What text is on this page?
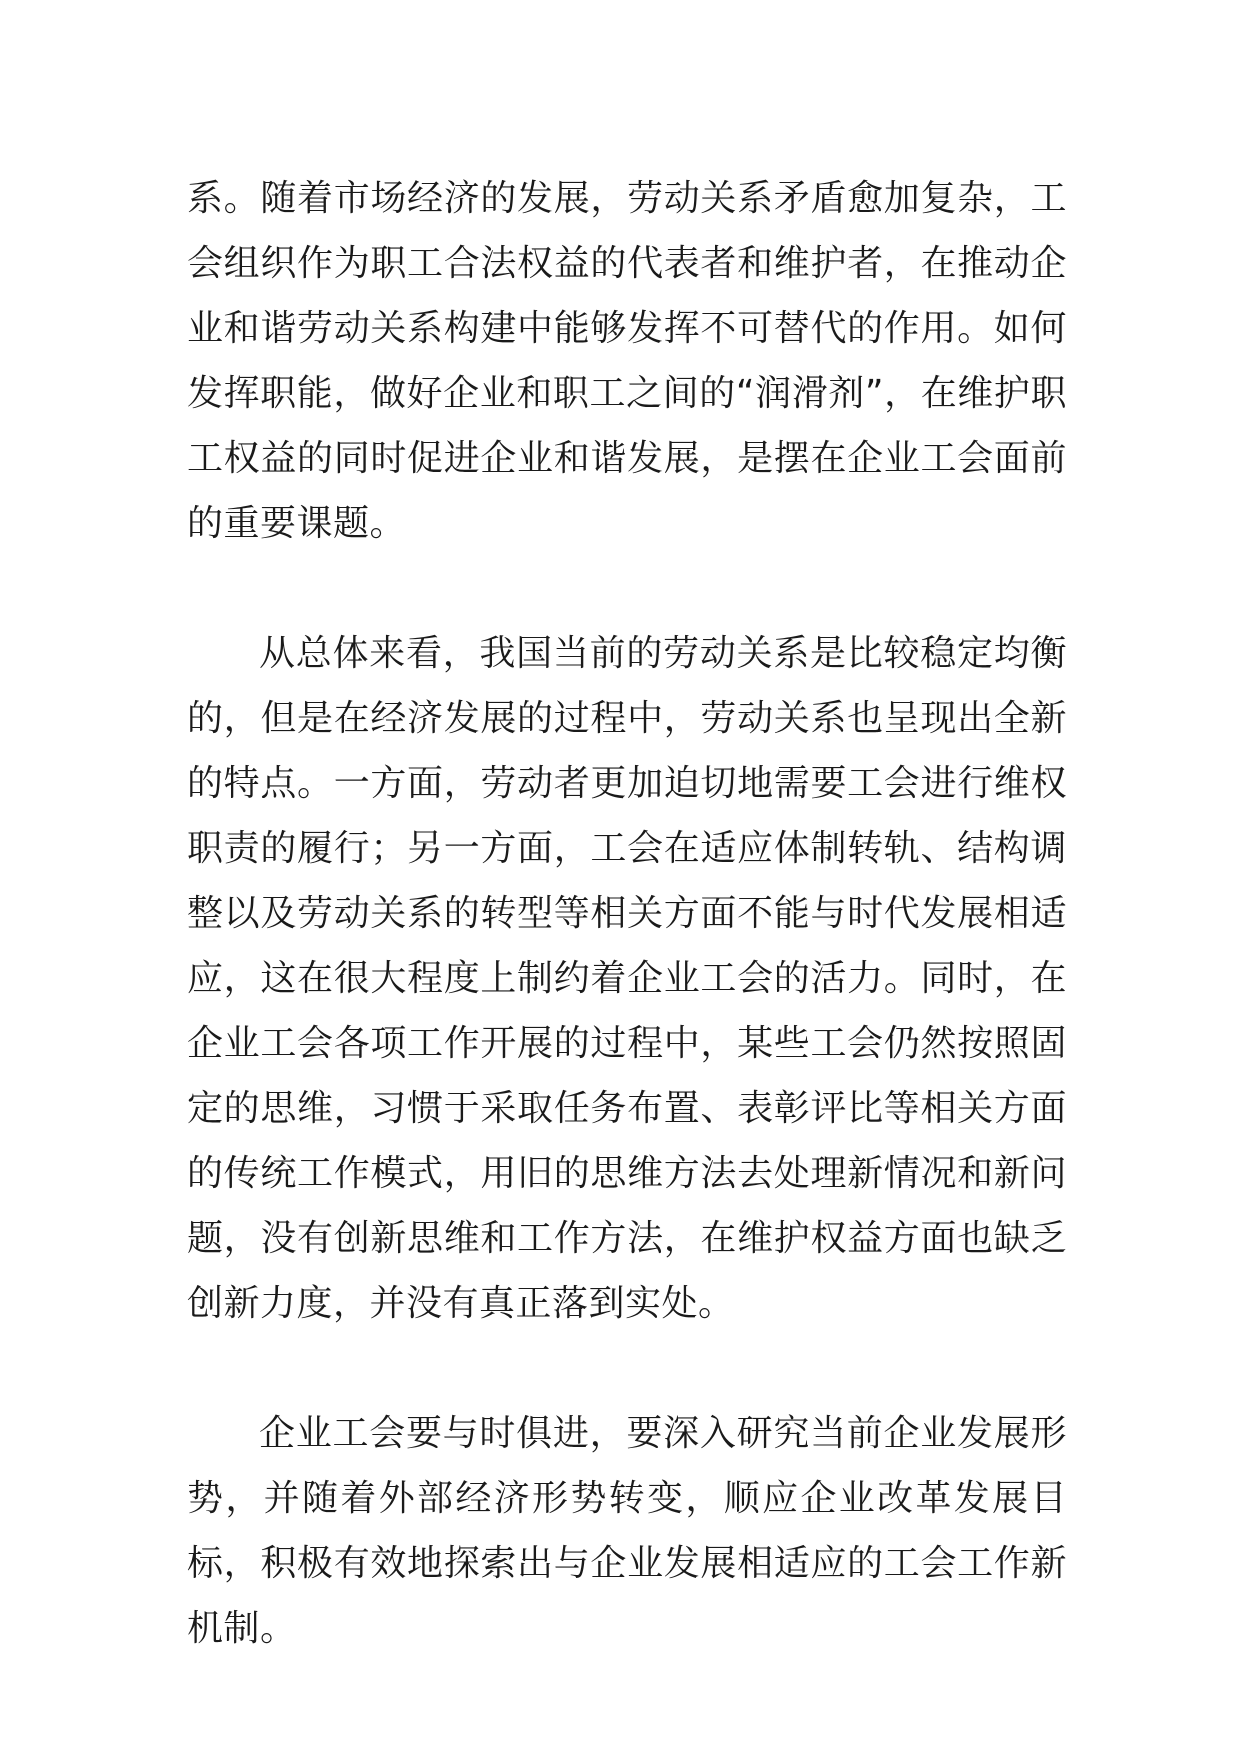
系。随着市场经济的发展，劳动关系矛盾愈加复杂，工会组织作为职工合法权益的代表者和维护者，在推动企业和谐劳动关系构建中能够发挥不可替代的作用。如何发挥职能，做好企业和职工之间的“润滑剂”，在维护职工权益的同时促进企业和谐发展，是摆在企业工会面前的重要课题。

从总体来看，我国当前的劳动关系是比较稳定均衡的，但是在经济发展的过程中，劳动关系也呈现出全新的特点。一方面，劳动者更加迫切地需要工会进行维权职责的履行；另一方面，工会在适应体制转轨、结构调整以及劳动关系的转型等相关方面不能与时代发展相适应，这在很大程度上制约着企业工会的活力。同时，在企业工会各项工作开展的过程中，某些工会仍然按照固定的思维，习惯于采取任务布置、表彰评比等相关方面的传统工作模式，用旧的思维方法去处理新情况和新问题，没有创新思维和工作方法，在维护权益方面也缺乏创新力度，并没有真正落到实处。

企业工会要与时俱进，要深入研究当前企业发展形势，并随着外部经济形势转变，顺应企业改革发展目标，积极有效地探索出与企业发展相适应的工会工作新机制。
